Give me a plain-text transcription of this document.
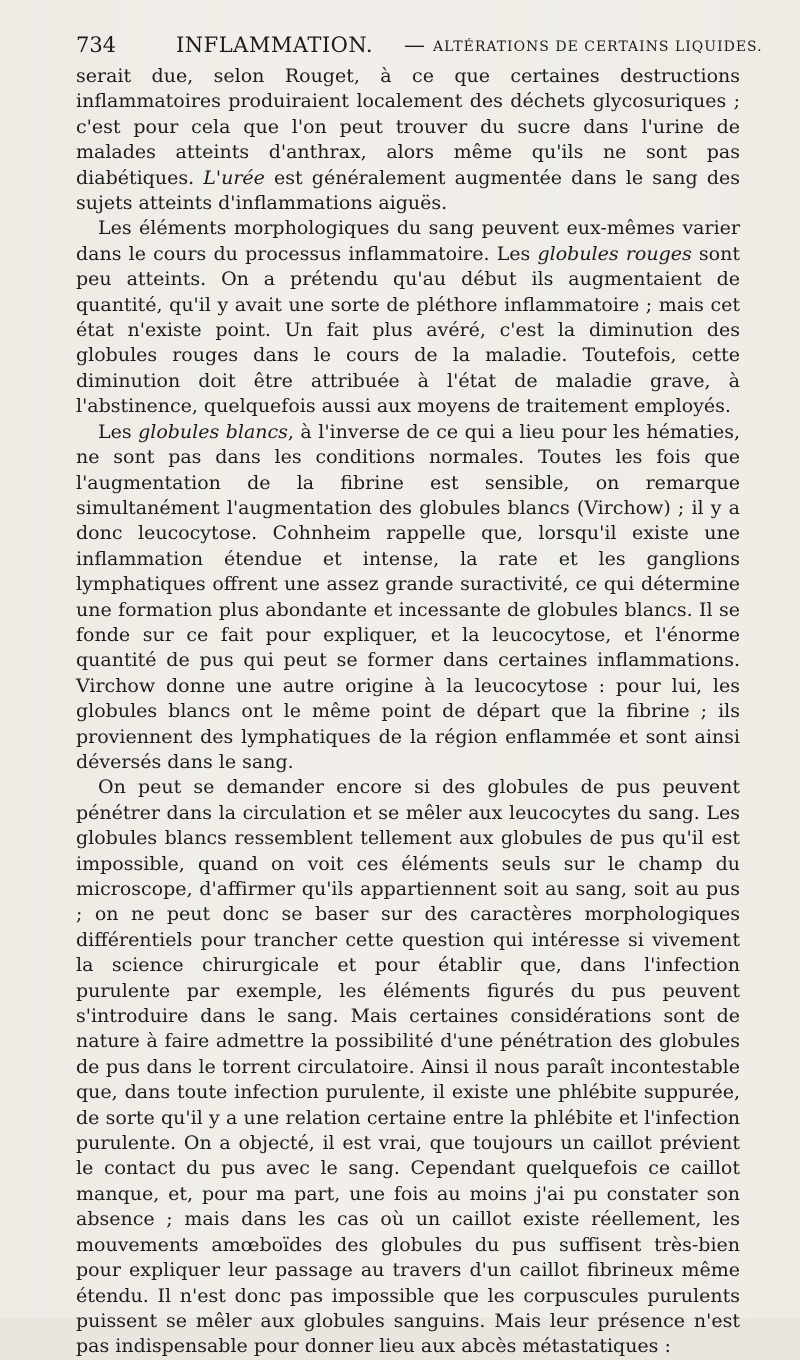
734	INFLAMMATION. — ALTÉRATIONS DE CERTAINS LIQUIDES.

serait due, selon Rouget, à ce que certaines destructions inflammatoires produiraient localement des déchets glycosuriques ; c'est pour cela que l'on peut trouver du sucre dans l'urine de malades atteints d'anthrax, alors même qu'ils ne sont pas diabétiques. L'urée est généralement augmentée dans le sang des sujets atteints d'inflammations aiguës.

Les éléments morphologiques du sang peuvent eux-mêmes varier dans le cours du processus inflammatoire. Les globules rouges sont peu atteints. On a prétendu qu'au début ils augmentaient de quantité, qu'il y avait une sorte de pléthore inflammatoire ; mais cet état n'existe point. Un fait plus avéré, c'est la diminution des globules rouges dans le cours de la maladie. Toutefois, cette diminution doit être attribuée à l'état de maladie grave, à l'abstinence, quelquefois aussi aux moyens de traitement employés.

Les globules blancs, à l'inverse de ce qui a lieu pour les hématies, ne sont pas dans les conditions normales. Toutes les fois que l'augmentation de la fibrine est sensible, on remarque simultanément l'augmentation des globules blancs (Virchow) ; il y a donc leucocytose. Cohnheim rappelle que, lorsqu'il existe une inflammation étendue et intense, la rate et les ganglions lymphatiques offrent une assez grande suractivité, ce qui détermine une formation plus abondante et incessante de globules blancs. Il se fonde sur ce fait pour expliquer, et la leucocytose, et l'énorme quantité de pus qui peut se former dans certaines inflammations. Virchow donne une autre origine à la leucocytose : pour lui, les globules blancs ont le même point de départ que la fibrine ; ils proviennent des lymphatiques de la région enflammée et sont ainsi déversés dans le sang.

On peut se demander encore si des globules de pus peuvent pénétrer dans la circulation et se mêler aux leucocytes du sang. Les globules blancs ressemblent tellement aux globules de pus qu'il est impossible, quand on voit ces éléments seuls sur le champ du microscope, d'affirmer qu'ils appartiennent soit au sang, soit au pus ; on ne peut donc se baser sur des caractères morphologiques différentiels pour trancher cette question qui intéresse si vivement la science chirurgicale et pour établir que, dans l'infection purulente par exemple, les éléments figurés du pus peuvent s'introduire dans le sang. Mais certaines considérations sont de nature à faire admettre la possibilité d'une pénétration des globules de pus dans le torrent circulatoire. Ainsi il nous paraît incontestable que, dans toute infection purulente, il existe une phlébite suppurée, de sorte qu'il y a une relation certaine entre la phlébite et l'infection purulente. On a objecté, il est vrai, que toujours un caillot prévient le contact du pus avec le sang. Cependant quelquefois ce caillot manque, et, pour ma part, une fois au moins j'ai pu constater son absence ; mais dans les cas où un caillot existe réellement, les mouvements amœboïdes des globules du pus suffisent très-bien pour expliquer leur passage au travers d'un caillot fibrineux même étendu. Il n'est donc pas impossible que les corpuscules purulents puissent se mêler aux globules sanguins. Mais leur présence n'est pas indispensable pour donner lieu aux abcès métastatiques :
